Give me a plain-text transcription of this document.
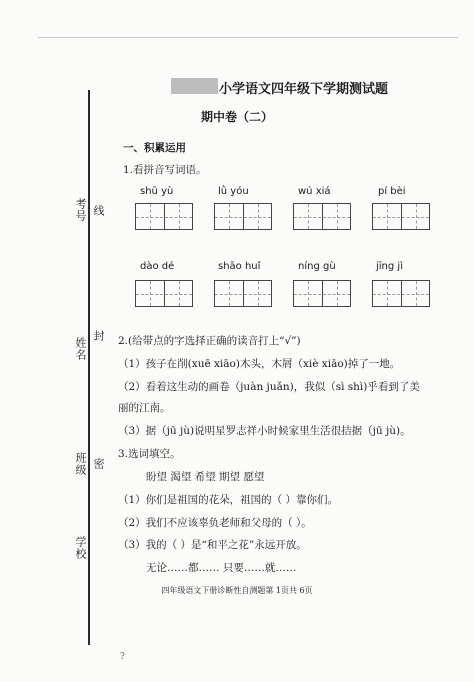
考号 线
姓名
封
班级 密
学校
小学语文四年级下学期测试题
期中卷（二）
一、积累运用
1.看拼音写词语。
shū yù	lǜ yóu	wú xiá	pí bèi
dào dé	shāo huǐ	níng gù	jīng jì
2.(给带点的字选择正确的读音打上“√”)
（1）孩子在削(xuē xiāo)木头，木屑（xiè xiāo)掉了一地。
（2）看着这生动的画卷（juàn juǎn)，我似（sì shì)乎看到了美
丽的江南。
（3）据（jū jù)说明星罗志祥小时候家里生活很拮据（jū jù)。
3.选词填空。
盼望 渴望 希望 期望 愿望
（1）你们是祖国的花朵，祖国的（ ）靠你们。
（2）我们不应该辜负老师和父母的（ ）。
（3）我的（ ）是“和平之花”永远开放。
无论……都…… 只要……就……
四年级语文下册诊断性自测题第 1页共 6页
?
